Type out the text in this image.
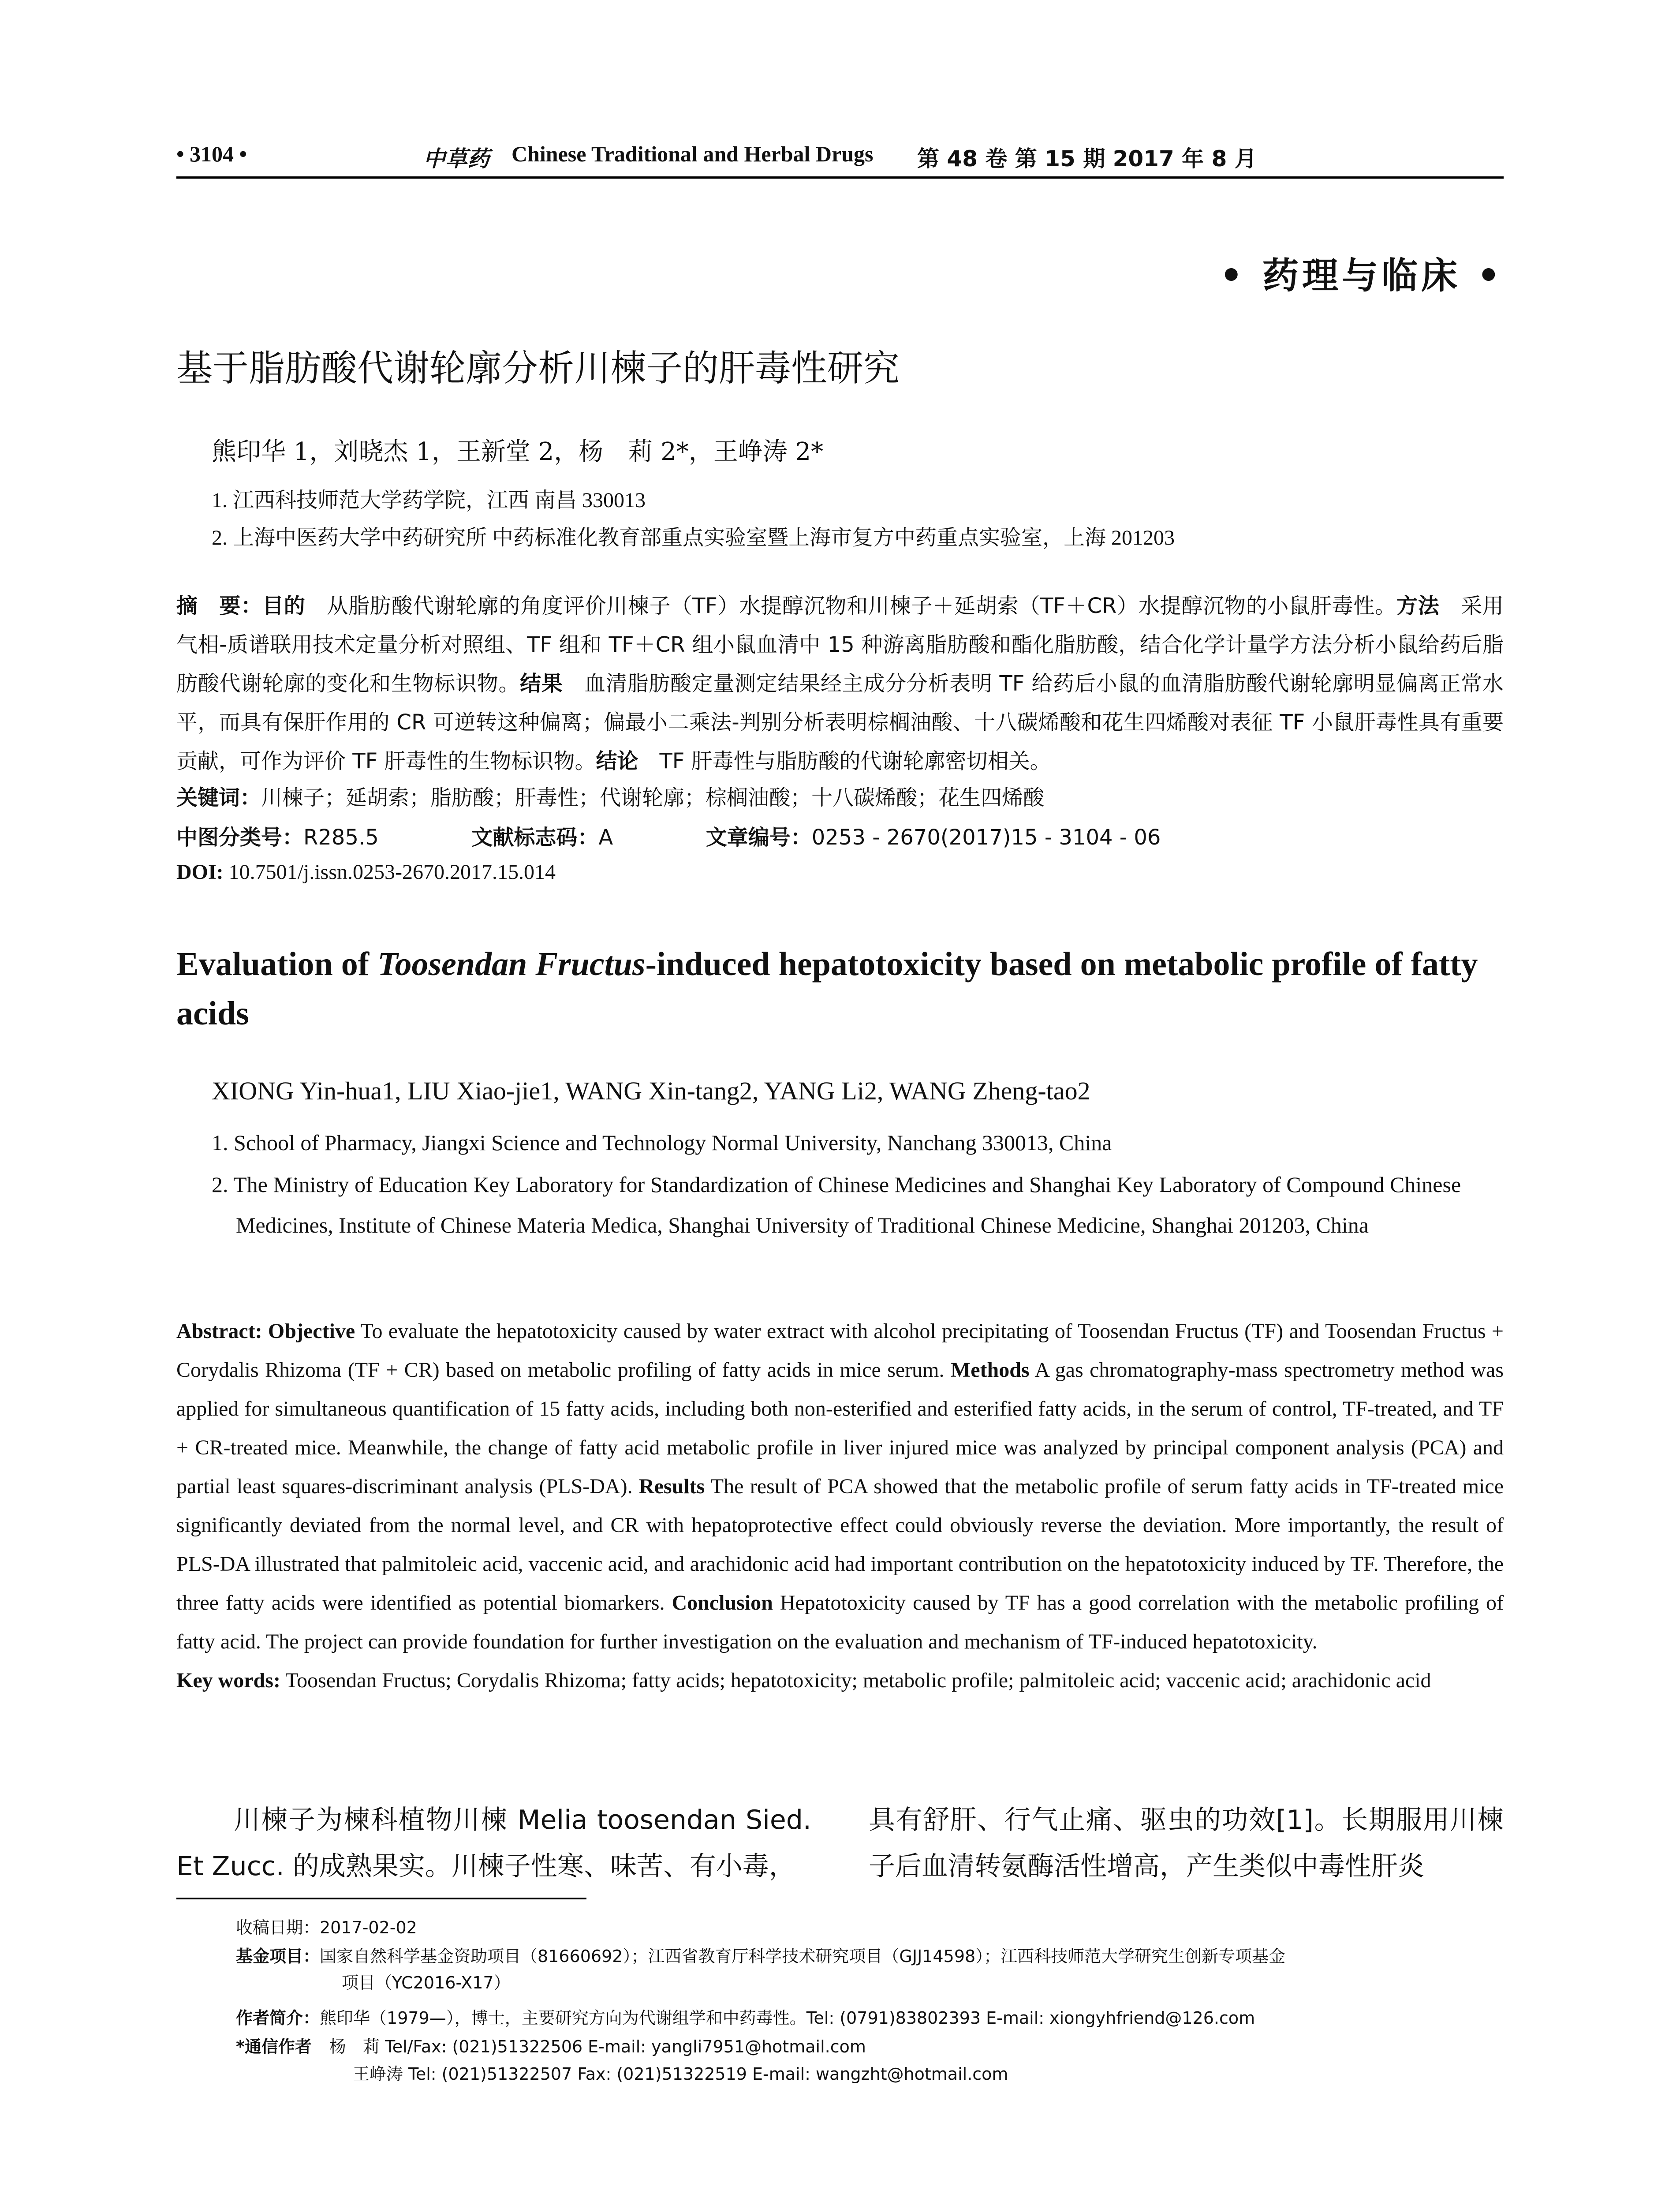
• 3104 •	中草药 Chinese Traditional and Herbal Drugs 第 48 卷 第 15 期 2017 年 8 月
• 药理与临床 •
基于脂肪酸代谢轮廓分析川楝子的肝毒性研究
熊印华 1，刘晓杰 1，王新堂 2，杨　莉 2*，王峥涛 2*
1. 江西科技师范大学药学院，江西 南昌 330013
2. 上海中医药大学中药研究所 中药标准化教育部重点实验室暨上海市复方中药重点实验室，上海 201203
摘　要：目的　从脂肪酸代谢轮廓的角度评价川楝子（TF）水提醇沉物和川楝子＋延胡索（TF＋CR）水提醇沉物的小鼠肝毒性。方法　采用气相-质谱联用技术定量分析对照组、TF 组和 TF＋CR 组小鼠血清中 15 种游离脂肪酸和酯化脂肪酸，结合化学计量学方法分析小鼠给药后脂肪酸代谢轮廓的变化和生物标识物。结果　血清脂肪酸定量测定结果经主成分分析表明 TF 给药后小鼠的血清脂肪酸代谢轮廓明显偏离正常水平，而具有保肝作用的 CR 可逆转这种偏离；偏最小二乘法-判别分析表明棕榈油酸、十八碳烯酸和花生四烯酸对表征 TF 小鼠肝毒性具有重要贡献，可作为评价 TF 肝毒性的生物标识物。结论　TF 肝毒性与脂肪酸的代谢轮廓密切相关。
关键词：川楝子；延胡索；脂肪酸；肝毒性；代谢轮廓；棕榈油酸；十八碳烯酸；花生四烯酸
中图分类号：R285.5	文献标志码：A	文章编号：0253 - 2670(2017)15 - 3104 - 06
DOI: 10.7501/j.issn.0253-2670.2017.15.014
Evaluation of Toosendan Fructus-induced hepatotoxicity based on metabolic profile of fatty acids
XIONG Yin-hua1, LIU Xiao-jie1, WANG Xin-tang2, YANG Li2, WANG Zheng-tao2
1. School of Pharmacy, Jiangxi Science and Technology Normal University, Nanchang 330013, China
2. The Ministry of Education Key Laboratory for Standardization of Chinese Medicines and Shanghai Key Laboratory of Compound Chinese Medicines, Institute of Chinese Materia Medica, Shanghai University of Traditional Chinese Medicine, Shanghai 201203, China
Abstract: Objective To evaluate the hepatotoxicity caused by water extract with alcohol precipitating of Toosendan Fructus (TF) and Toosendan Fructus + Corydalis Rhizoma (TF + CR) based on metabolic profiling of fatty acids in mice serum. Methods A gas chromatography-mass spectrometry method was applied for simultaneous quantification of 15 fatty acids, including both non-esterified and esterified fatty acids, in the serum of control, TF-treated, and TF + CR-treated mice. Meanwhile, the change of fatty acid metabolic profile in liver injured mice was analyzed by principal component analysis (PCA) and partial least squares-discriminant analysis (PLS-DA). Results The result of PCA showed that the metabolic profile of serum fatty acids in TF-treated mice significantly deviated from the normal level, and CR with hepatoprotective effect could obviously reverse the deviation. More importantly, the result of PLS-DA illustrated that palmitoleic acid, vaccenic acid, and arachidonic acid had important contribution on the hepatotoxicity induced by TF. Therefore, the three fatty acids were identified as potential biomarkers. Conclusion Hepatotoxicity caused by TF has a good correlation with the metabolic profiling of fatty acid. The project can provide foundation for further investigation on the evaluation and mechanism of TF-induced hepatotoxicity.
Key words: Toosendan Fructus; Corydalis Rhizoma; fatty acids; hepatotoxicity; metabolic profile; palmitoleic acid; vaccenic acid; arachidonic acid
川楝子为楝科植物川楝 Melia toosendan Sied. Et Zucc. 的成熟果实。川楝子性寒、味苦、有小毒，
具有舒肝、行气止痛、驱虫的功效[1]。长期服用川楝子后血清转氨酶活性增高，产生类似中毒性肝炎
收稿日期：2017-02-02
基金项目：国家自然科学基金资助项目（81660692）；江西省教育厅科学技术研究项目（GJJ14598）；江西科技师范大学研究生创新专项基金
项目（YC2016-X17）
作者简介：熊印华（1979—），博士，主要研究方向为代谢组学和中药毒性。Tel: (0791)83802393 E-mail: xiongyhfriend@126.com
*通信作者 杨　莉 Tel/Fax: (021)51322506 E-mail: yangli7951@hotmail.com
王峥涛 Tel: (021)51322507 Fax: (021)51322519 E-mail: wangzht@hotmail.com
